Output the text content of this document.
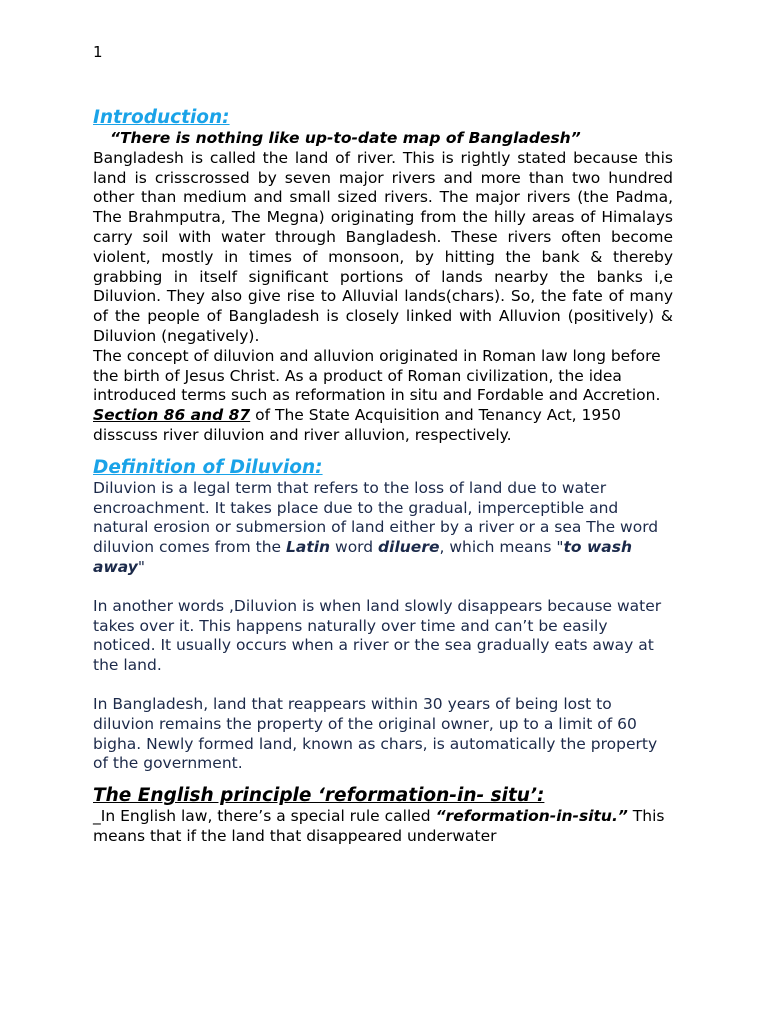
1
Introduction:

“There is nothing like up-to-date map of Bangladesh”

Bangladesh is called the land of river. This is rightly stated because this land is crisscrossed by seven major rivers and more than two hundred other than medium and small sized rivers. The major rivers (the Padma, The Brahmputra, The Megna) originating from the hilly areas of Himalays carry soil with water through Bangladesh. These rivers often become violent, mostly in times of monsoon, by hitting the bank & thereby grabbing in itself significant portions of lands nearby the banks i,e Diluvion. They also give rise to Alluvial lands(chars). So, the fate of many of the people of Bangladesh is closely linked with Alluvion (positively) & Diluvion (negatively).

The concept of diluvion and alluvion originated in Roman law long before the birth of Jesus Christ. As a product of Roman civilization, the idea introduced terms such as reformation in situ and Fordable and Accretion.

Section 86 and 87 of The State Acquisition and Tenancy Act, 1950 disscuss river diluvion and river alluvion, respectively.

Definition of Diluvion:

Diluvion is a legal term that refers to the loss of land due to water encroachment. It takes place due to the gradual, imperceptible and natural erosion or submersion of land either by a river or a sea The word diluvion comes from the Latin word diluere, which means "to wash away"

In another words ,Diluvion is when land slowly disappears because water takes over it. This happens naturally over time and can’t be easily noticed. It usually occurs when a river or the sea gradually eats away at the land.

In Bangladesh, land that reappears within 30 years of being lost to diluvion remains the property of the original owner, up to a limit of 60 bigha. Newly formed land, known as chars, is automatically the property of the government.

The English principle ‘reformation-in- situ’:

_In English law, there’s a special rule called “reformation-in-situ.” This means that if the land that disappeared underwater
